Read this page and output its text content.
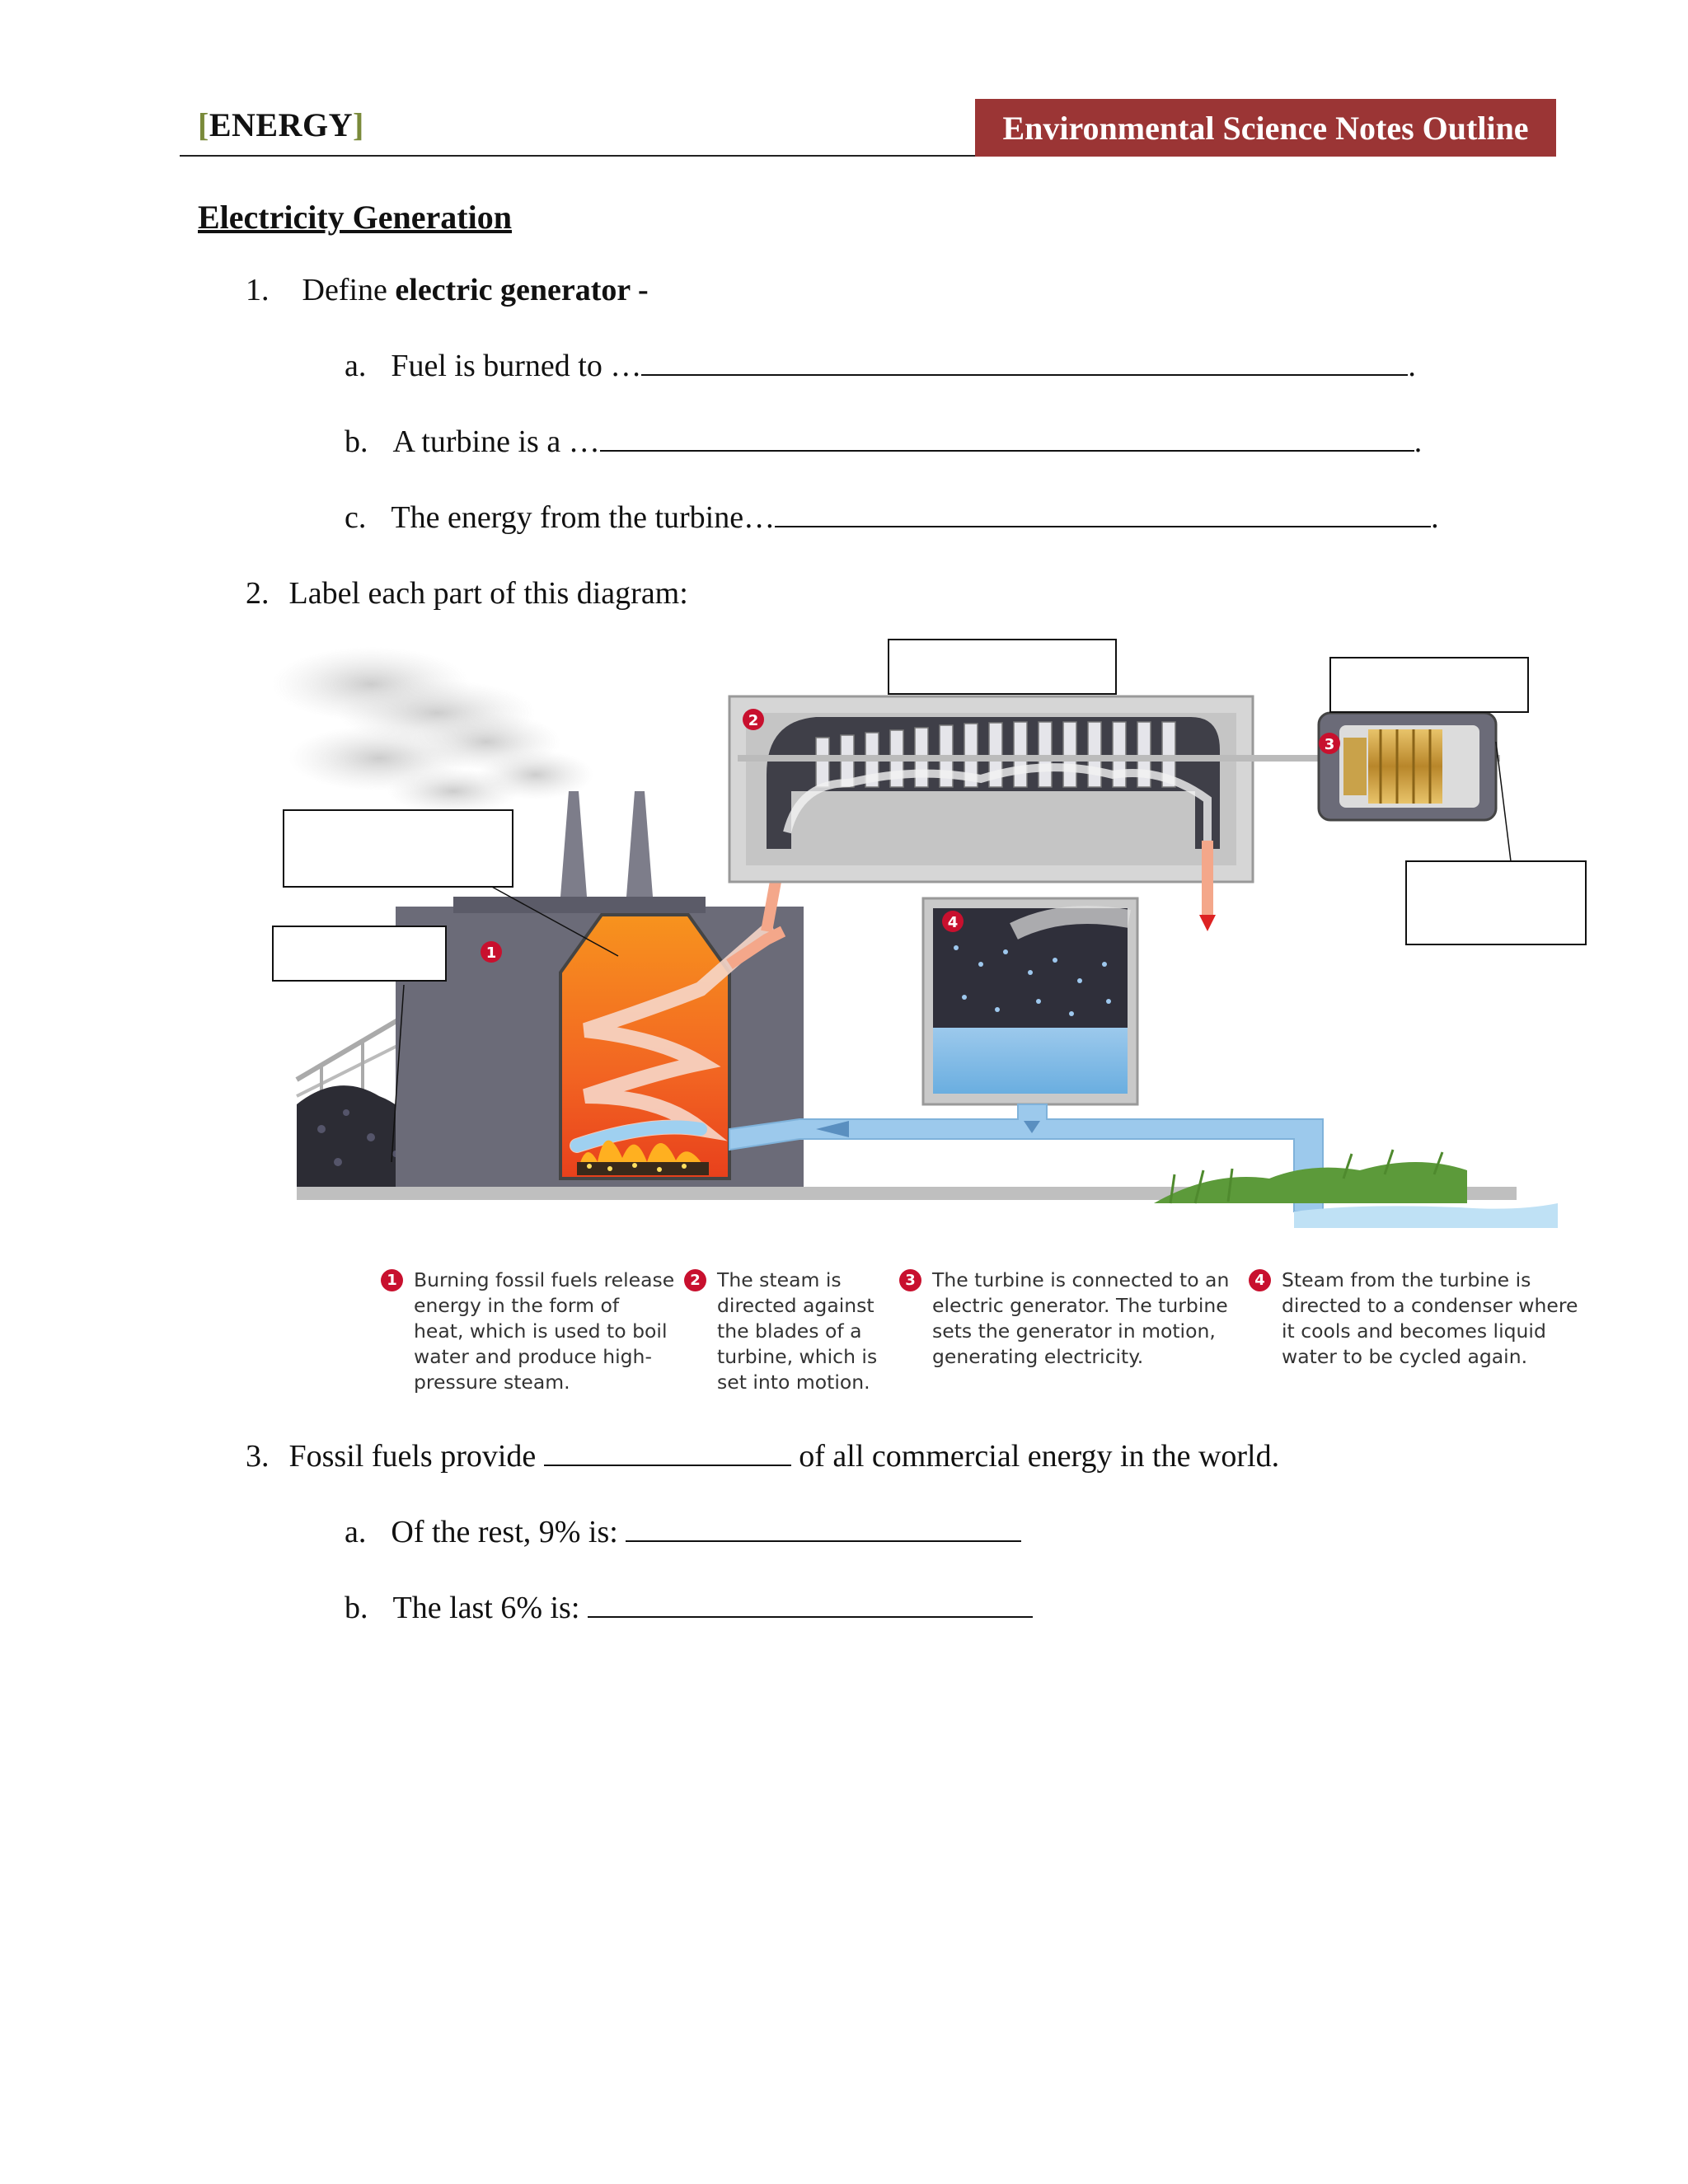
[ENERGY]	Environmental Science Notes Outline
Electricity Generation
1. Define electric generator -
a. Fuel is burned to …	.
b. A turbine is a …	.
c. The energy from the turbine…	.
2. Label each part of this diagram:
1
2
3
4
1 Burning fossil fuels release
energy in the form of
heat, which is used to boil
water and produce high-
pressure steam.
2 The steam is
directed against
the blades of a
turbine, which is
set into motion.
3 The turbine is connected to an
electric generator. The turbine
sets the generator in motion,
generating electricity.
4 Steam from the turbine is
directed to a condenser where
it cools and becomes liquid
water to be cycled again.
3. Fossil fuels provide	of all commercial energy in the world.
a. Of the rest, 9% is:
b. The last 6% is:
